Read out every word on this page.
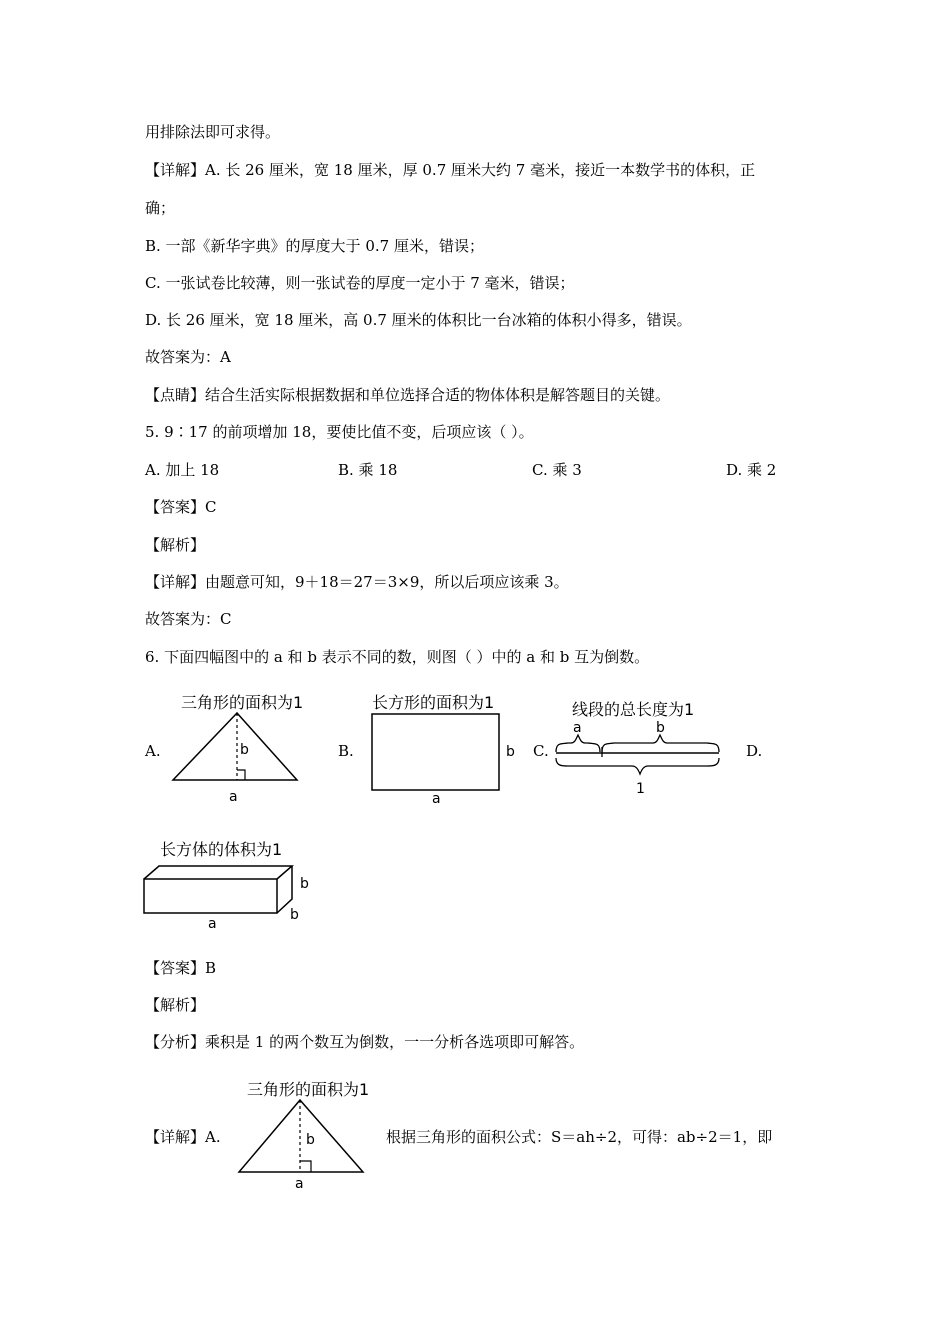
用排除法即可求得。
【详解】A. 长 26 厘米，宽 18 厘米，厚 0.7 厘米大约 7 毫米，接近一本数学书的体积，正
确；
B. 一部《新华字典》的厚度大于 0.7 厘米，错误；
C. 一张试卷比较薄，则一张试卷的厚度一定小于 7 毫米，错误；
D. 长 26 厘米，宽 18 厘米，高 0.7 厘米的体积比一台冰箱的体积小得多，错误。
故答案为：A
【点睛】结合生活实际根据数据和单位选择合适的物体体积是解答题目的关键。
5. 9∶17 的前项增加 18，要使比值不变，后项应该（ ）。
A. 加上 18	B. 乘 18	C. 乘 3	D. 乘 2
【答案】C
【解析】
【详解】由题意可知，9＋18＝27＝3×9，所以后项应该乘 3。
故答案为：C
6. 下面四幅图中的 a 和 b 表示不同的数，则图（ ）中的 a 和 b 互为倒数。
A.	B.	C.	D.
三角形的面积为1
b
a
长方形的面积为1
b
a
线段的总长度为1
a	b
1
长方体的体积为1
b
b
a
【答案】B
【解析】
【分析】乘积是 1 的两个数互为倒数，一一分析各选项即可解答。
【详解】A.
三角形的面积为1
b
a
根据三角形的面积公式：S＝ah÷2，可得：ab÷2＝1，即
